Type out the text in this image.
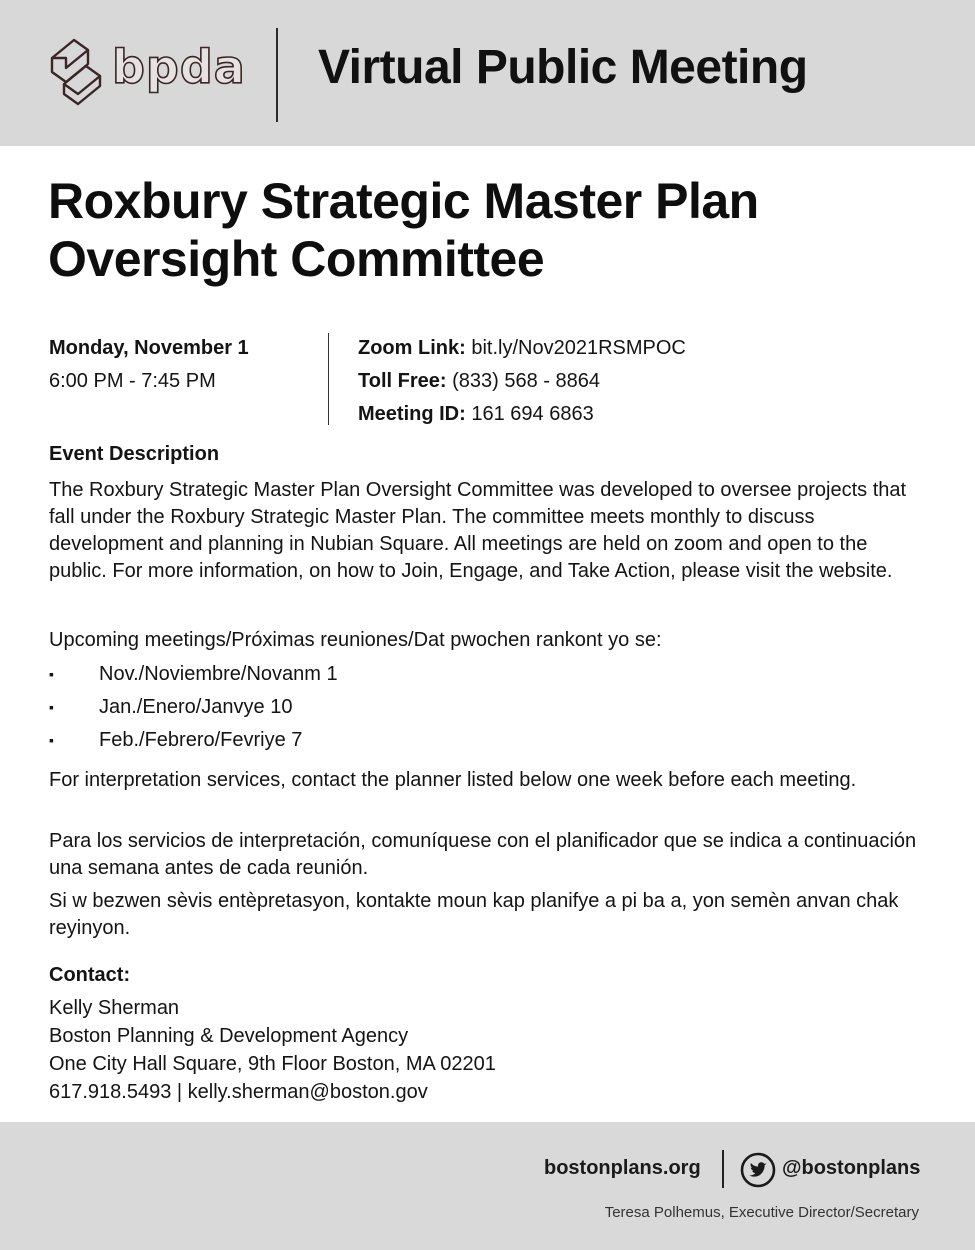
bpda Virtual Public Meeting
Roxbury Strategic Master Plan
Oversight Committee
Monday, November 1
6:00 PM - 7:45 PM
Zoom Link: bit.ly/Nov2021RSMPOC
Toll Free: (833) 568 - 8864
Meeting ID: 161 694 6863
Event Description

The Roxbury Strategic Master Plan Oversight Committee was developed to oversee projects that fall under the Roxbury Strategic Master Plan. The committee meets monthly to discuss development and planning in Nubian Square. All meetings are held on zoom and open to the public. For more information, on how to Join, Engage, and Take Action, please visit the website.

Upcoming meetings/Próximas reuniones/Dat pwochen rankont yo se:
▪	Nov./Noviembre/Novanm 1
▪	Jan./Enero/Janvye 10
▪	Feb./Febrero/Fevriye 7

For interpretation services, contact the planner listed below one week before each meeting.

Para los servicios de interpretación, comuníquese con el planificador que se indica a continuación una semana antes de cada reunión.

Si w bezwen sèvis entèpretasyon, kontakte moun kap planifye a pi ba a, yon semèn anvan chak reyinyon.

Contact:
Kelly Sherman
Boston Planning & Development Agency
One City Hall Square, 9th Floor Boston, MA 02201
617.918.5493 | kelly.sherman@boston.gov
bostonplans.org	@bostonplans
Teresa Polhemus, Executive Director/Secretary
